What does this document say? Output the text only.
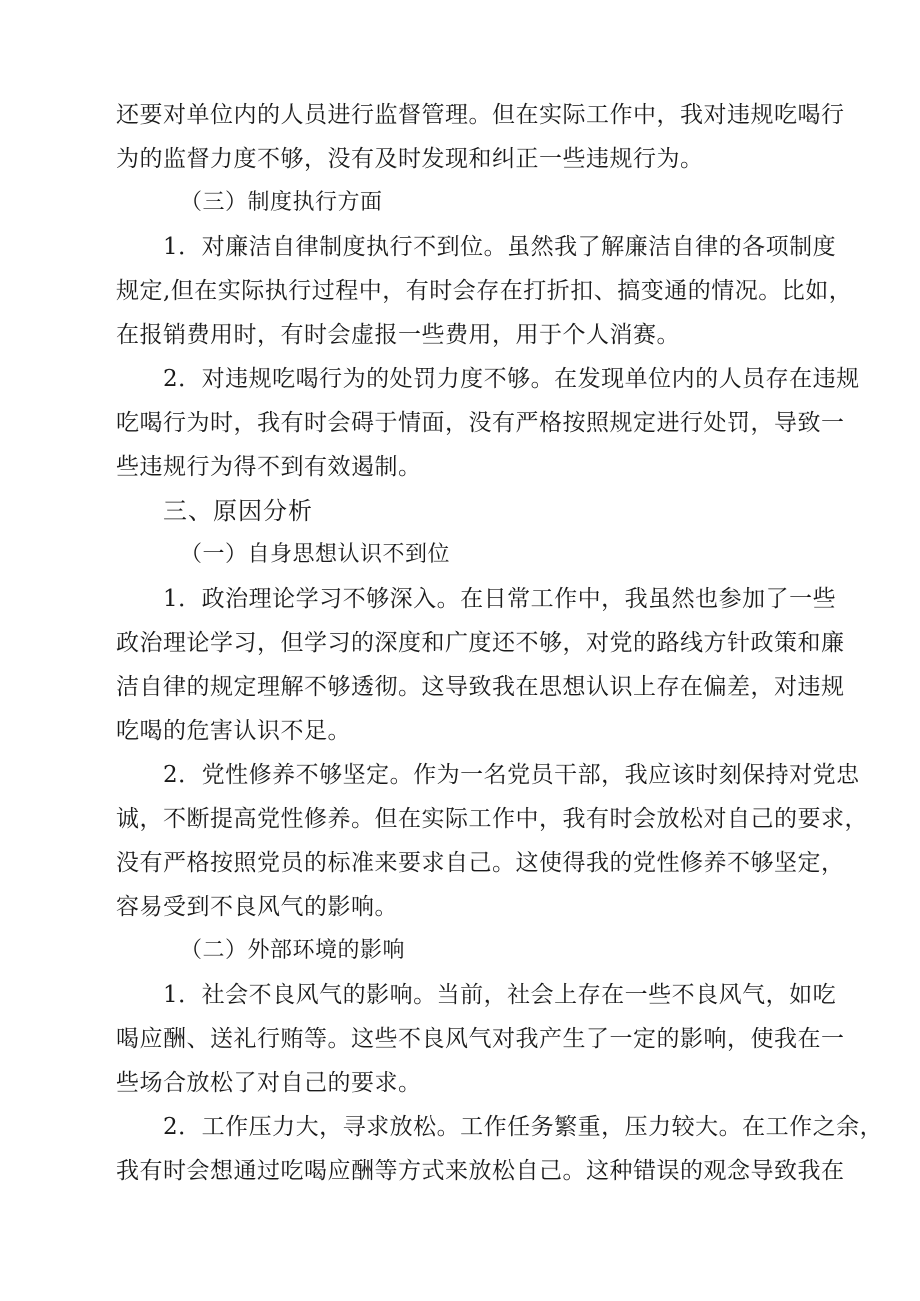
还要对单位内的人员进行监督管理。但在实际工作中，我对违规吃喝行
为的监督力度不够，没有及时发现和纠正一些违规行为。
（三）制度执行方面
1．对廉洁自律制度执行不到位。虽然我了解廉洁自律的各项制度
规定,但在实际执行过程中，有时会存在打折扣、搞变通的情况。比如，
在报销费用时，有时会虚报一些费用，用于个人消赛。
2．对违规吃喝行为的处罚力度不够。在发现单位内的人员存在违规
吃喝行为时，我有时会碍于情面，没有严格按照规定进行处罚，导致一
些违规行为得不到有效遏制。
三、原因分析
（一）自身思想认识不到位
1．政治理论学习不够深入。在日常工作中，我虽然也参加了一些
政治理论学习，但学习的深度和广度还不够，对党的路线方针政策和廉
洁自律的规定理解不够透彻。这导致我在思想认识上存在偏差，对违规
吃喝的危害认识不足。
2．党性修养不够坚定。作为一名党员干部，我应该时刻保持对党忠
诚，不断提高党性修养。但在实际工作中，我有时会放松对自己的要求，
没有严格按照党员的标准来要求自己。这使得我的党性修养不够坚定，
容易受到不良风气的影响。
（二）外部环境的影响
1．社会不良风气的影响。当前，社会上存在一些不良风气，如吃
喝应酬、送礼行贿等。这些不良风气对我产生了一定的影响，使我在一
些场合放松了对自己的要求。
2．工作压力大，寻求放松。工作任务繁重，压力较大。在工作之余，
我有时会想通过吃喝应酬等方式来放松自己。这种错误的观念导致我在
